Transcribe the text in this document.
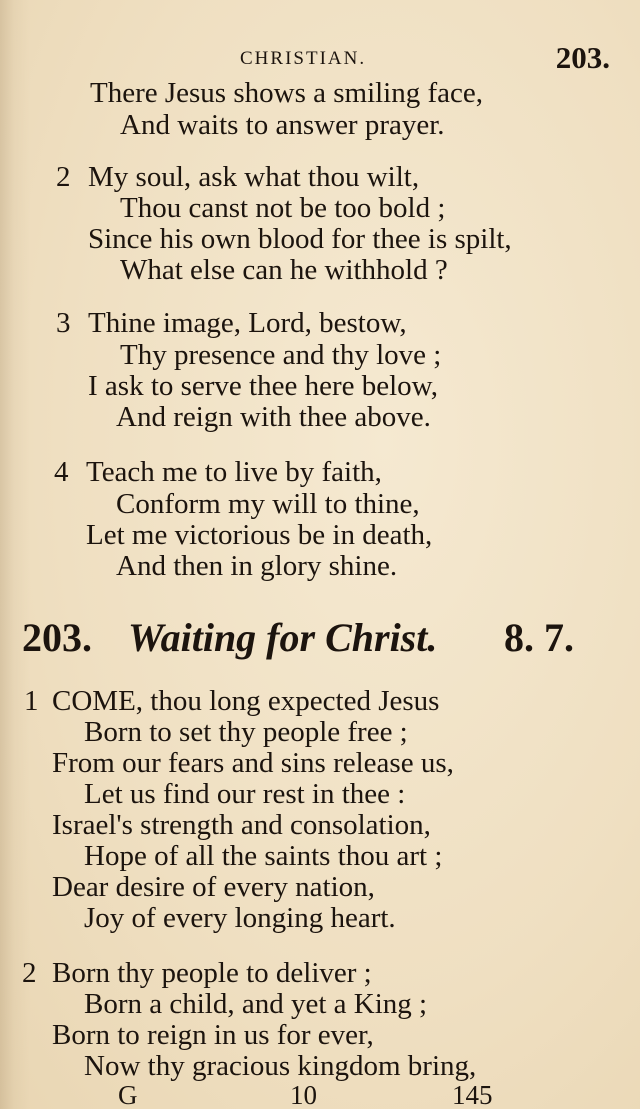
CHRISTIAN.	203.
There Jesus shows a smiling face,
And waits to answer prayer.
2 My soul, ask what thou wilt,
Thou canst not be too bold ;
Since his own blood for thee is spilt,
What else can he withhold ?
3 Thine image, Lord, bestow,
Thy presence and thy love ;
I ask to serve thee here below,
And reign with thee above.
4 Teach me to live by faith,
Conform my will to thine,
Let me victorious be in death,
And then in glory shine.
203. Waiting for Christ. 8. 7.
1 COME, thou long expected Jesus
Born to set thy people free ;
From our fears and sins release us,
Let us find our rest in thee :
Israel's strength and consolation,
Hope of all the saints thou art ;
Dear desire of every nation,
Joy of every longing heart.
2 Born thy people to deliver ;
Born a child, and yet a King ;
Born to reign in us for ever,
Now thy gracious kingdom bring,
G	10	145
